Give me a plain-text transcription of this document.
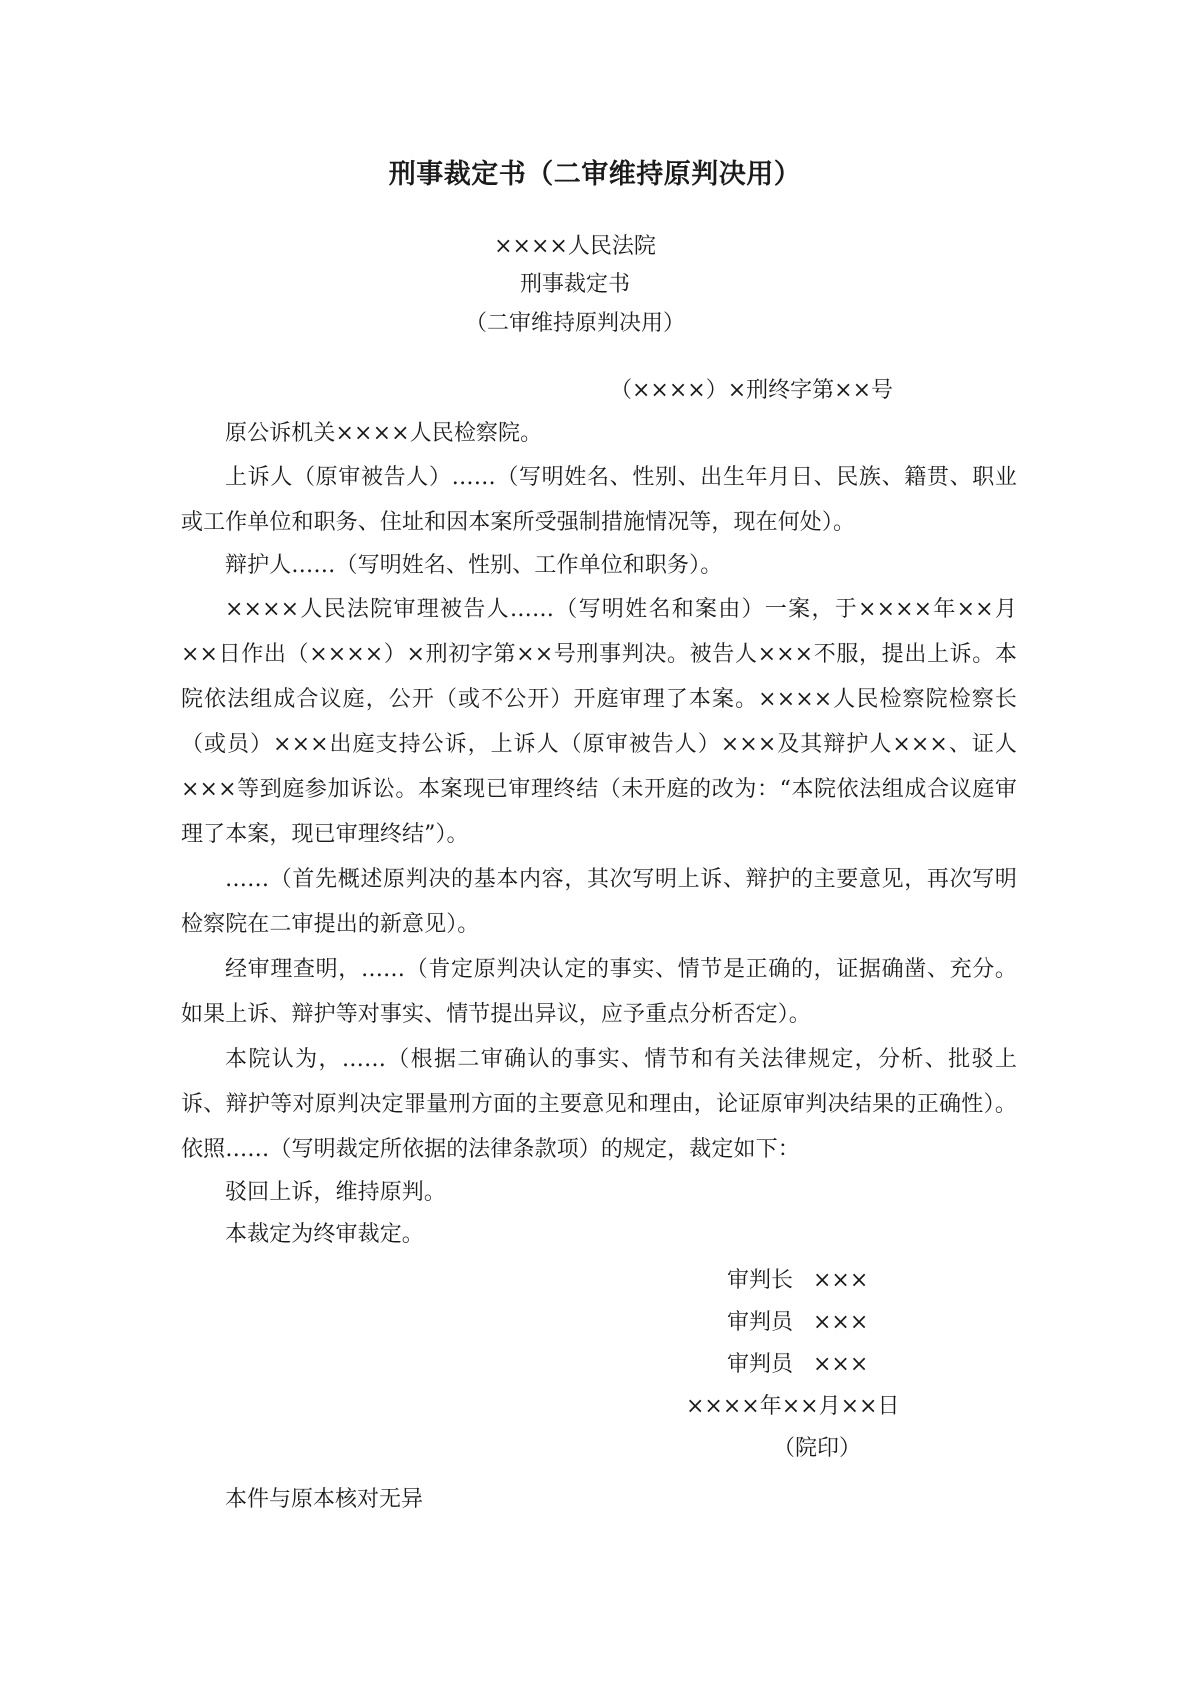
刑事裁定书（二审维持原判决用）

××××人民法院

刑事裁定书

（二审维持原判决用）

（××××）×刑终字第××号

原公诉机关××××人民检察院。

上诉人（原审被告人）……（写明姓名、性别、出生年月日、民族、籍贯、职业或工作单位和职务、住址和因本案所受强制措施情况等，现在何处）。

辩护人……（写明姓名、性别、工作单位和职务）。

××××人民法院审理被告人……（写明姓名和案由）一案，于××××年××月××日作出（××××）×刑初字第××号刑事判决。被告人×××不服，提出上诉。本院依法组成合议庭，公开（或不公开）开庭审理了本案。××××人民检察院检察长（或员）×××出庭支持公诉，上诉人（原审被告人）×××及其辩护人×××、证人×××等到庭参加诉讼。本案现已审理终结（未开庭的改为：“本院依法组成合议庭审理了本案，现已审理终结”）。

……（首先概述原判决的基本内容，其次写明上诉、辩护的主要意见，再次写明检察院在二审提出的新意见）。

经审理查明，……（肯定原判决认定的事实、情节是正确的，证据确凿、充分。如果上诉、辩护等对事实、情节提出异议，应予重点分析否定）。

本院认为，……（根据二审确认的事实、情节和有关法律规定，分析、批驳上诉、辩护等对原判决定罪量刑方面的主要意见和理由，论证原审判决结果的正确性）。依照……（写明裁定所依据的法律条款项）的规定，裁定如下：

驳回上诉，维持原判。

本裁定为终审裁定。

审判长 ×××
审判员 ×××
审判员 ×××

××××年××月××日

（院印）

本件与原本核对无异
